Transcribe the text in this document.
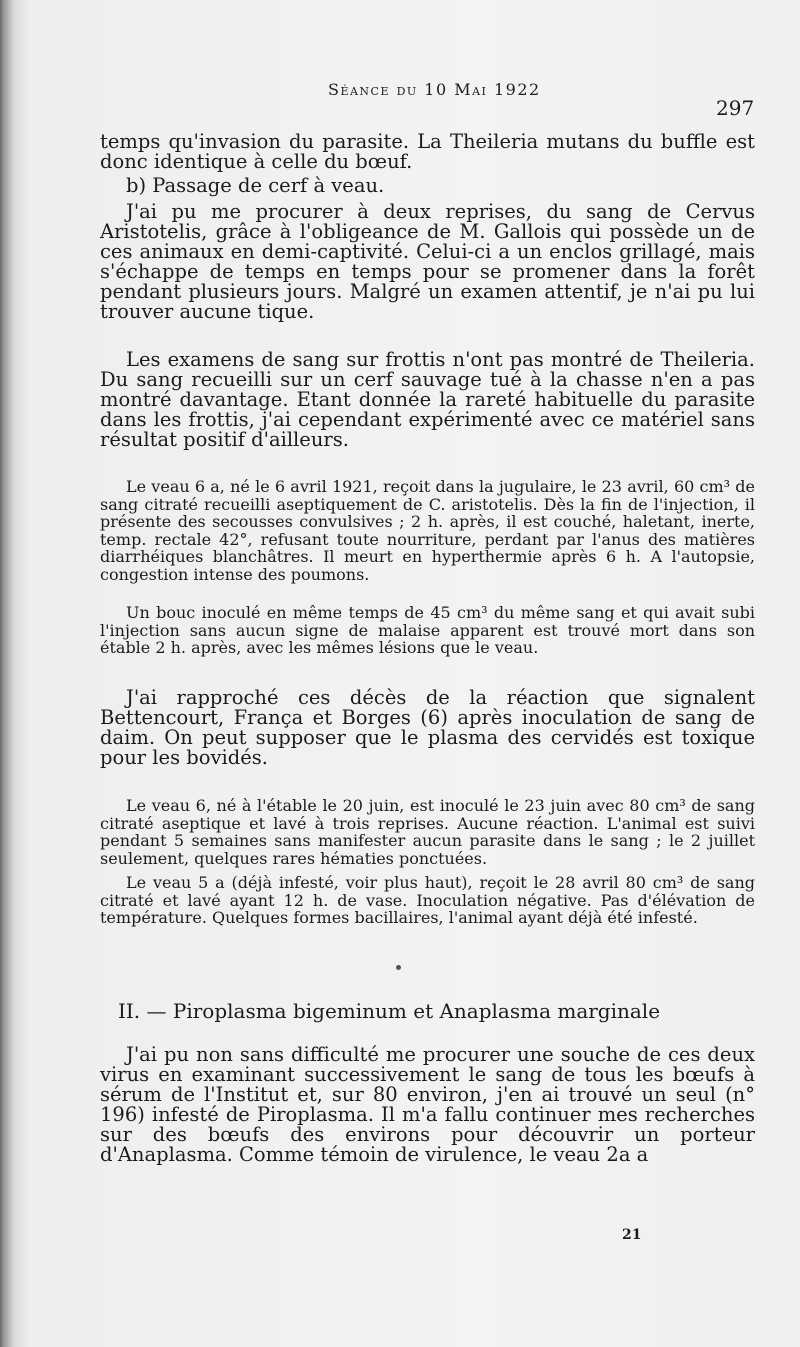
Séance du 10 Mai 1922
297

temps qu'invasion du parasite. La Theileria mutans du buffle est donc identique à celle du bœuf.

b) Passage de cerf à veau.

J'ai pu me procurer à deux reprises, du sang de Cervus Aristotelis, grâce à l'obligeance de M. Gallois qui possède un de ces animaux en demi-captivité. Celui-ci a un enclos grillagé, mais s'échappe de temps en temps pour se promener dans la forêt pendant plusieurs jours. Malgré un examen attentif, je n'ai pu lui trouver aucune tique.

Les examens de sang sur frottis n'ont pas montré de Theileria. Du sang recueilli sur un cerf sauvage tué à la chasse n'en a pas montré davantage. Etant donnée la rareté habituelle du parasite dans les frottis, j'ai cependant expérimenté avec ce matériel sans résultat positif d'ailleurs.

Le veau 6 a, né le 6 avril 1921, reçoit dans la jugulaire, le 23 avril, 60 cm³ de sang citraté recueilli aseptiquement de C. aristotelis. Dès la fin de l'injection, il présente des secousses convulsives ; 2 h. après, il est couché, haletant, inerte, temp. rectale 42°, refusant toute nourriture, perdant par l'anus des matières diarrhéiques blanchâtres. Il meurt en hyperthermie après 6 h. A l'autopsie, congestion intense des poumons.

Un bouc inoculé en même temps de 45 cm³ du même sang et qui avait subi l'injection sans aucun signe de malaise apparent est trouvé mort dans son étable 2 h. après, avec les mêmes lésions que le veau.

J'ai rapproché ces décès de la réaction que signalent Bettencourt, França et Borges (6) après inoculation de sang de daim. On peut supposer que le plasma des cervidés est toxique pour les bovidés.

Le veau 6, né à l'étable le 20 juin, est inoculé le 23 juin avec 80 cm³ de sang citraté aseptique et lavé à trois reprises. Aucune réaction. L'animal est suivi pendant 5 semaines sans manifester aucun parasite dans le sang ; le 2 juillet seulement, quelques rares hématies ponctuées.

Le veau 5 a (déjà infesté, voir plus haut), reçoit le 28 avril 80 cm³ de sang citraté et lavé ayant 12 h. de vase. Inoculation négative. Pas d'élévation de température. Quelques formes bacillaires, l'animal ayant déjà été infesté.

II. — Piroplasma bigeminum et Anaplasma marginale

J'ai pu non sans difficulté me procurer une souche de ces deux virus en examinant successivement le sang de tous les bœufs à sérum de l'Institut et, sur 80 environ, j'en ai trouvé un seul (n° 196) infesté de Piroplasma. Il m'a fallu continuer mes recherches sur des bœufs des environs pour découvrir un porteur d'Anaplasma. Comme témoin de virulence, le veau 2a a

21
